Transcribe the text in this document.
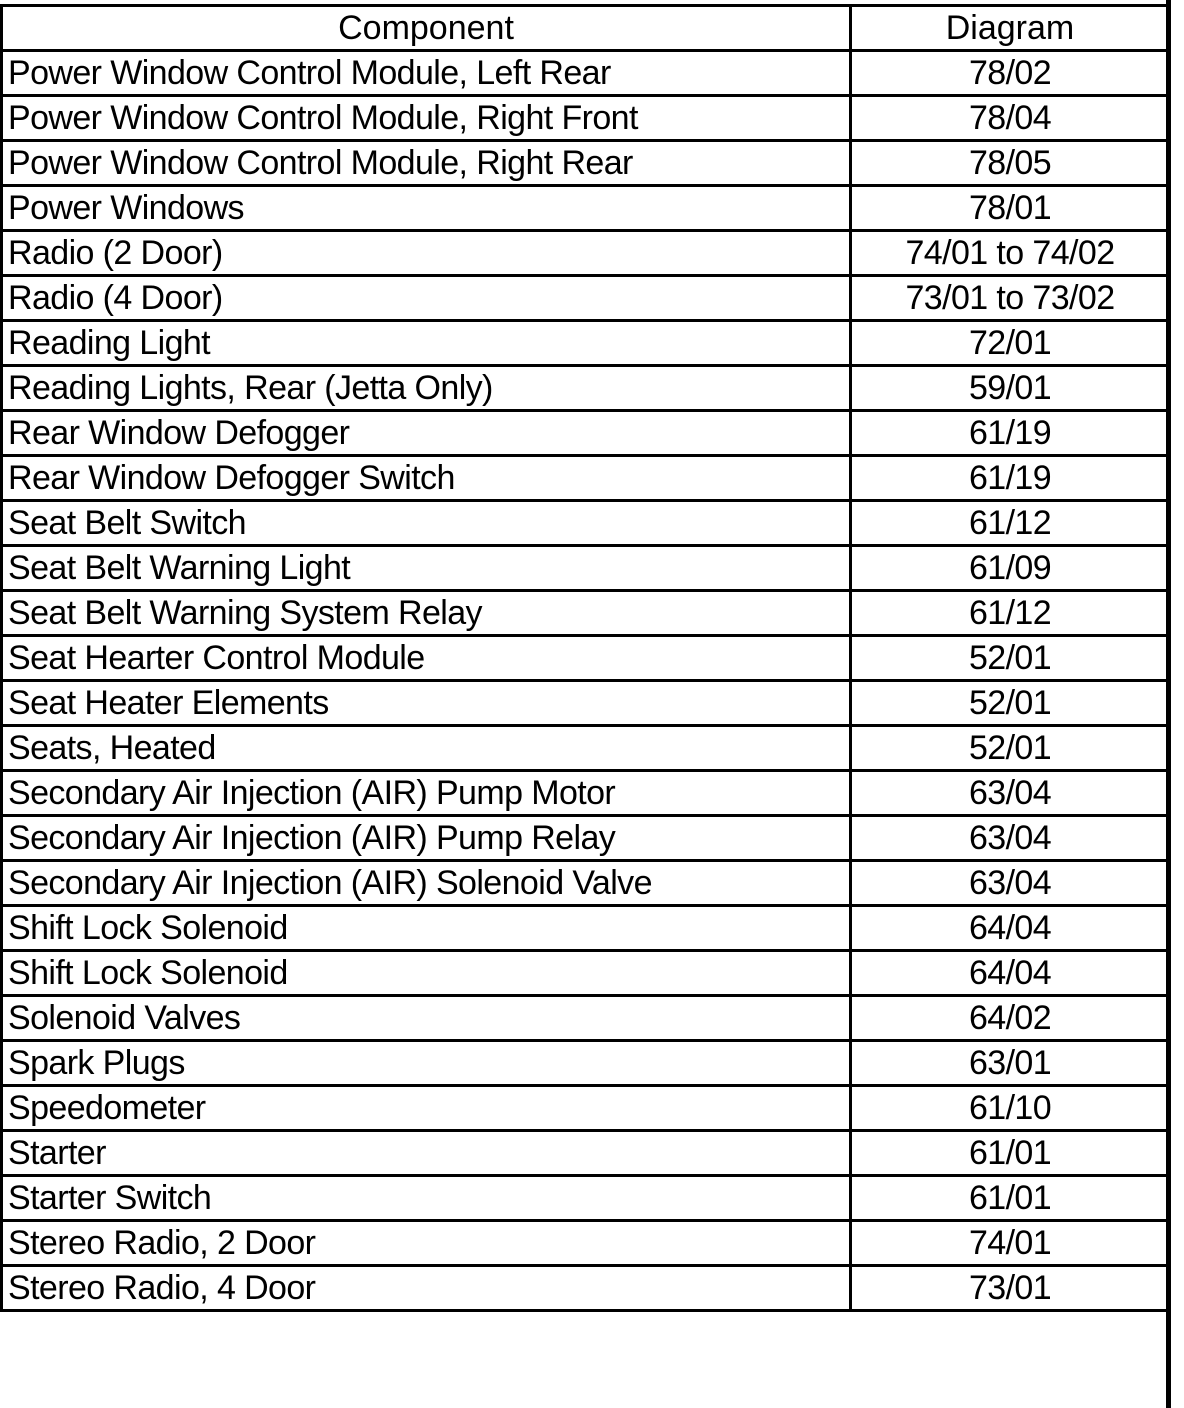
Component	Diagram
Power Window Control Module, Left Rear	78/02
Power Window Control Module, Right Front	78/04
Power Window Control Module, Right Rear	78/05
Power Windows	78/01
Radio (2 Door)	74/01 to 74/02
Radio (4 Door)	73/01 to 73/02
Reading Light	72/01
Reading Lights, Rear (Jetta Only)	59/01
Rear Window Defogger	61/19
Rear Window Defogger Switch	61/19
Seat Belt Switch	61/12
Seat Belt Warning Light	61/09
Seat Belt Warning System Relay	61/12
Seat Hearter Control Module	52/01
Seat Heater Elements	52/01
Seats, Heated	52/01
Secondary Air Injection (AIR) Pump Motor	63/04
Secondary Air Injection (AIR) Pump Relay	63/04
Secondary Air Injection (AIR) Solenoid Valve	63/04
Shift Lock Solenoid	64/04
Shift Lock Solenoid	64/04
Solenoid Valves	64/02
Spark Plugs	63/01
Speedometer	61/10
Starter	61/01
Starter Switch	61/01
Stereo Radio, 2 Door	74/01
Stereo Radio, 4 Door	73/01
